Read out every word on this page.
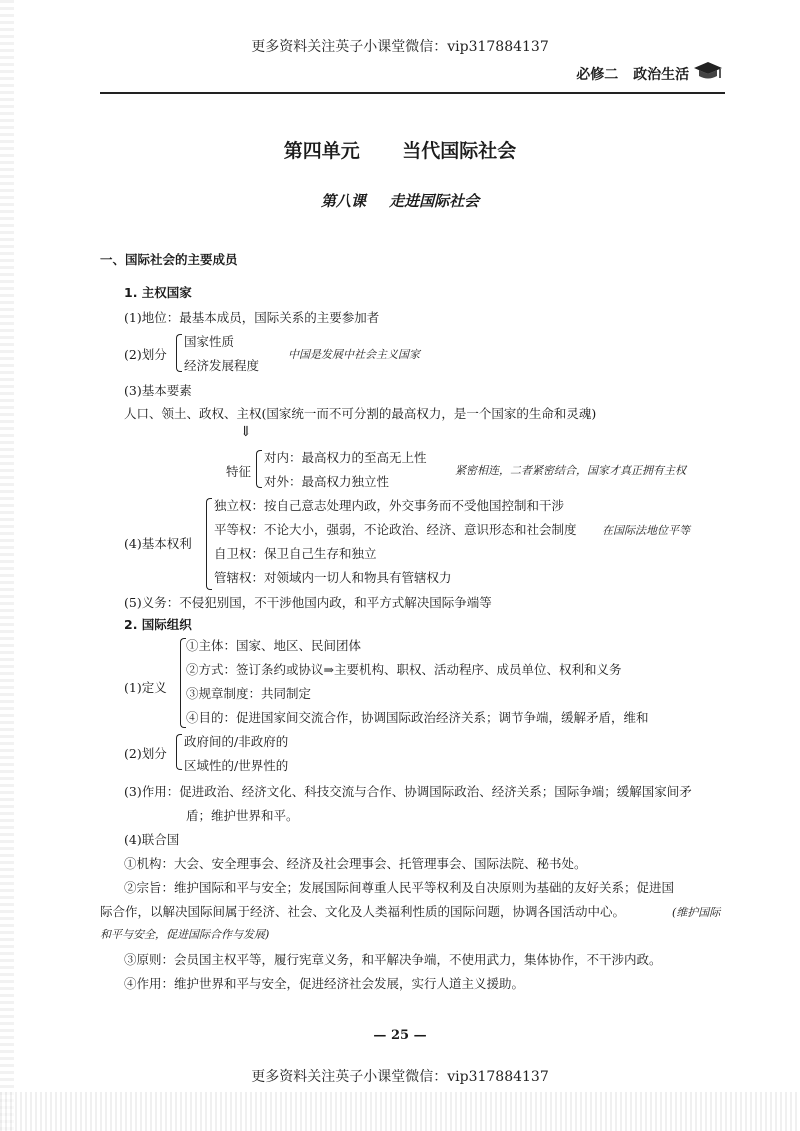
更多资料关注英子小课堂微信：vip317884137
必修二 政治生活
第四单元 当代国际社会
第八课 走进国际社会
一、国际社会的主要成员
1. 主权国家
(1)地位：最基本成员，国际关系的主要参加者
(2)划分
国家性质
经济发展程度
中国是发展中社会主义国家
(3)基本要素
人口、领土、政权、主权(国家统一而不可分割的最高权力，是一个国家的生命和灵魂)
⇓
特征
对内：最高权力的至高无上性
对外：最高权力独立性
紧密相连，二者紧密结合，国家才真正拥有主权
(4)基本权利
独立权：按自己意志处理内政，外交事务而不受他国控制和干涉
平等权：不论大小，强弱，不论政治、经济、意识形态和社会制度 在国际法地位平等
自卫权：保卫自己生存和独立
管辖权：对领域内一切人和物具有管辖权力
(5)义务：不侵犯别国，不干涉他国内政，和平方式解决国际争端等
2. 国际组织
(1)定义
①主体：国家、地区、民间团体
②方式：签订条约或协议⇒主要机构、职权、活动程序、成员单位、权利和义务
③规章制度：共同制定
④目的：促进国家间交流合作，协调国际政治经济关系；调节争端，缓解矛盾，维和
(2)划分
政府间的/非政府的
区域性的/世界性的
(3)作用：促进政治、经济文化、科技交流与合作、协调国际政治、经济关系；国际争端；缓解国家间矛
盾；维护世界和平。
(4)联合国
①机构：大会、安全理事会、经济及社会理事会、托管理事会、国际法院、秘书处。
②宗旨：维护国际和平与安全；发展国际间尊重人民平等权利及自决原则为基础的友好关系；促进国
际合作，以解决国际间属于经济、社会、文化及人类福利性质的国际问题，协调各国活动中心。	(维护国际
和平与安全，促进国际合作与发展)
③原则：会员国主权平等，履行宪章义务，和平解决争端，不使用武力，集体协作，不干涉内政。
④作用：维护世界和平与安全，促进经济社会发展，实行人道主义援助。
— 25 —
更多资料关注英子小课堂微信：vip317884137
